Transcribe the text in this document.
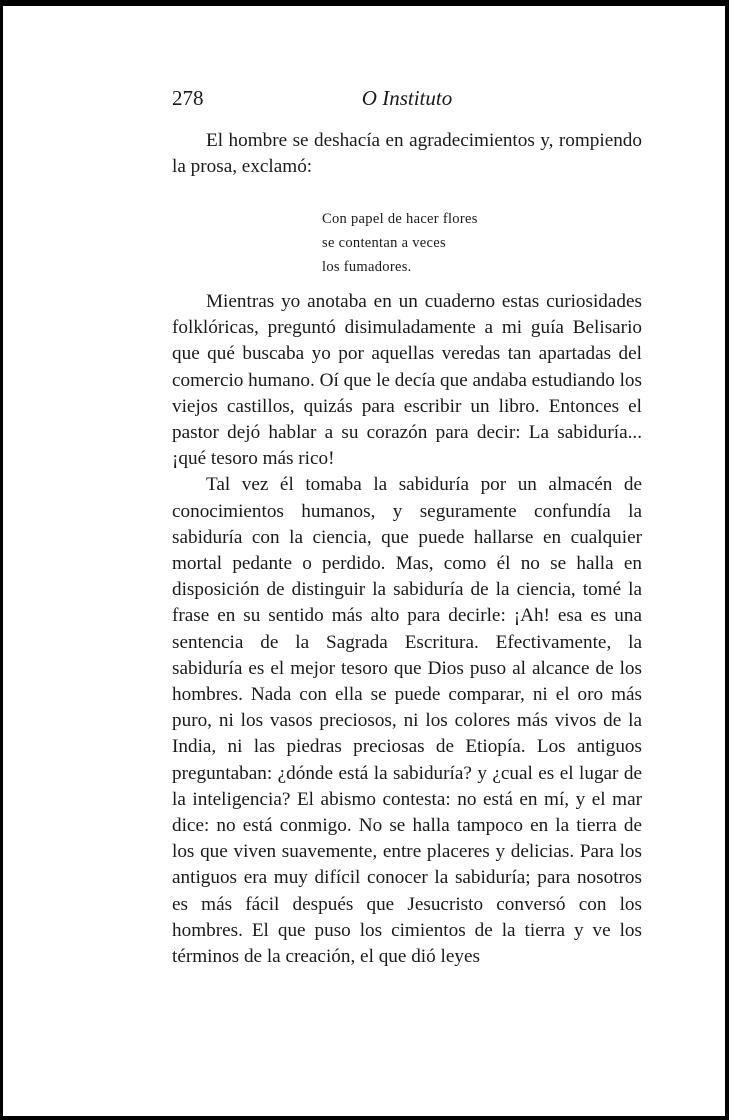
278	O Instituto

El hombre se deshacía en agradecimientos y, rompiendo la prosa, exclamó:

Con papel de hacer flores
se contentan a veces
los fumadores.

Mientras yo anotaba en un cuaderno estas curiosidades folklóricas, preguntó disimuladamente a mi guía Belisario que qué buscaba yo por aquellas veredas tan apartadas del comercio humano. Oí que le decía que andaba estudiando los viejos castillos, quizás para escribir un libro. Entonces el pastor dejó hablar a su corazón para decir: La sabiduría... ¡qué tesoro más rico!

Tal vez él tomaba la sabiduría por un almacén de conocimientos humanos, y seguramente confundía la sabiduría con la ciencia, que puede hallarse en cualquier mortal pedante o perdido. Mas, como él no se halla en disposición de distinguir la sabiduría de la ciencia, tomé la frase en su sentido más alto para decirle: ¡Ah! esa es una sentencia de la Sagrada Escritura. Efectivamente, la sabiduría es el mejor tesoro que Dios puso al alcance de los hombres. Nada con ella se puede comparar, ni el oro más puro, ni los vasos preciosos, ni los colores más vivos de la India, ni las piedras preciosas de Etiopía. Los antiguos preguntaban: ¿dónde está la sabiduría? y ¿cual es el lugar de la inteligencia? El abismo contesta: no está en mí, y el mar dice: no está conmigo. No se halla tampoco en la tierra de los que viven suavemente, entre placeres y delicias. Para los antiguos era muy difícil conocer la sabiduría; para nosotros es más fácil después que Jesucristo conversó con los hombres. El que puso los cimientos de la tierra y ve los términos de la creación, el que dió leyes
